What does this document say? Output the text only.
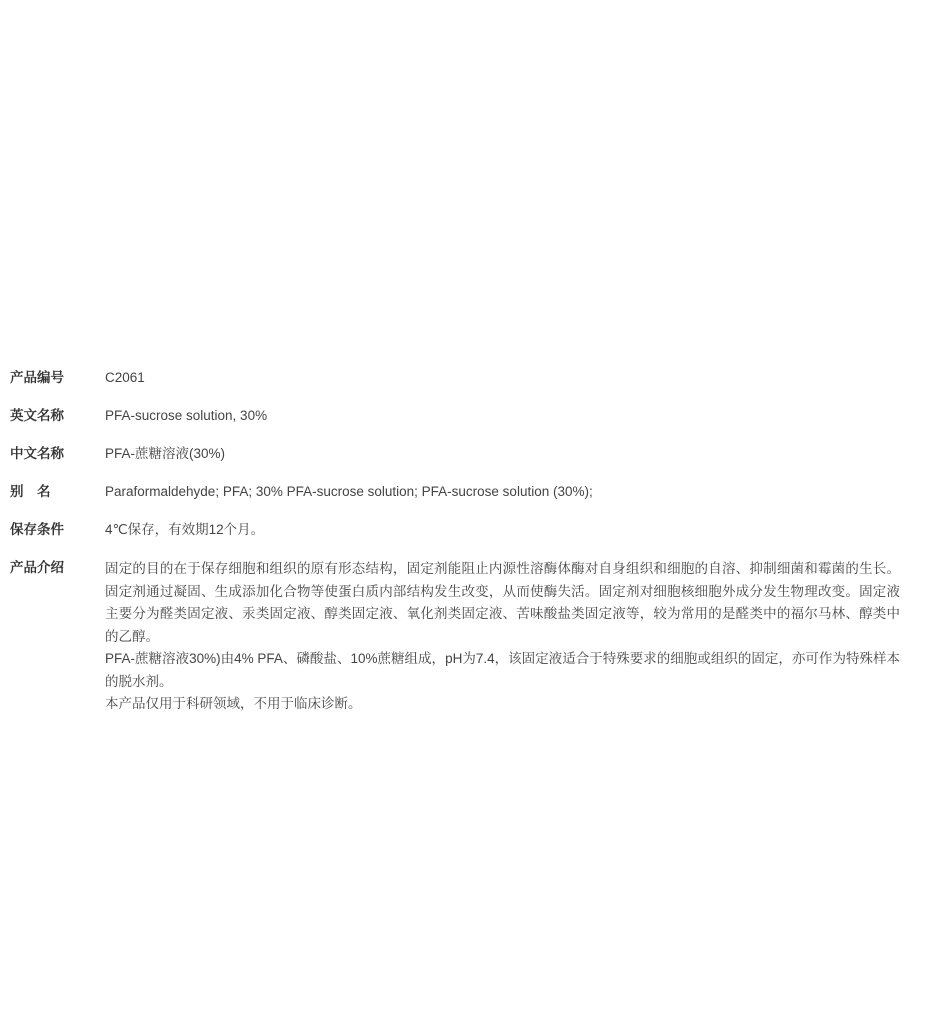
产品编号	C2061
英文名称	PFA-sucrose solution, 30%
中文名称	PFA-蔗糖溶液(30%)
别　名	Paraformaldehyde; PFA; 30% PFA-sucrose solution; PFA-sucrose solution (30%);
保存条件	4℃保存，有效期12个月。
产品介绍	固定的目的在于保存细胞和组织的原有形态结构，固定剂能阻止内源性溶酶体酶对自身组织和细胞的自溶、抑制细菌和霉菌的生长。固定剂通过凝固、生成添加化合物等使蛋白质内部结构发生改变，从而使酶失活。固定剂对细胞核细胞外成分发生物理改变。固定液主要分为醛类固定液、汞类固定液、醇类固定液、氧化剂类固定液、苦味酸盐类固定液等，较为常用的是醛类中的福尔马林、醇类中的乙醇。

PFA-蔗糖溶液30%)由4% PFA、磷酸盐、10%蔗糖组成，pH为7.4，该固定液适合于特殊要求的细胞或组织的固定，亦可作为特殊样本的脱水剂。

本产品仅用于科研领域，不用于临床诊断。
